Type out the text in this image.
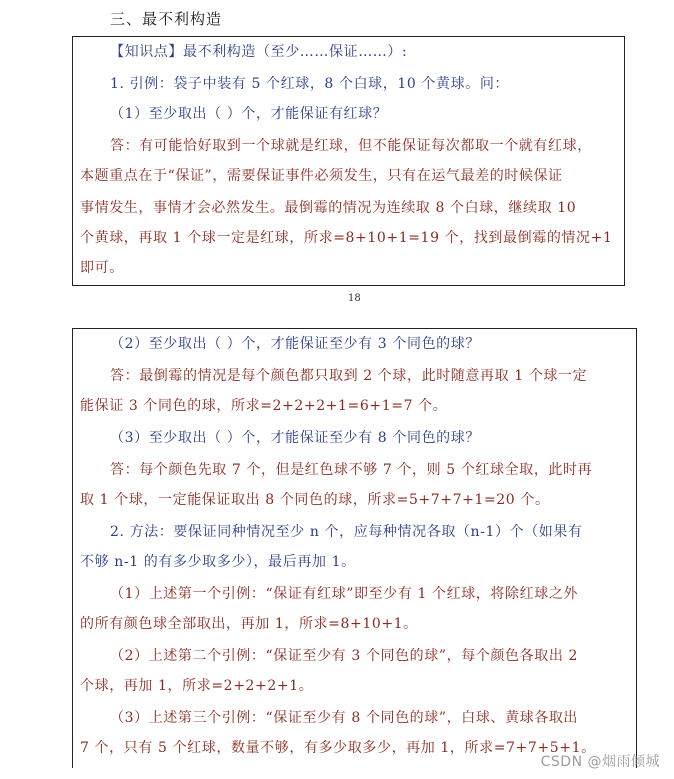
三、最不利构造
【知识点】最不利构造（至少……保证……）:
1. 引例：袋子中装有 5 个红球，8 个白球，10 个黄球。问：
（1）至少取出（ ）个，才能保证有红球？
答：有可能恰好取到一个球就是红球，但不能保证每次都取一个就有红球，
本题重点在于“保证”，需要保证事件必须发生，只有在运气最差的时候保证
事情发生，事情才会必然发生。最倒霉的情况为连续取 8 个白球，继续取 10
个黄球，再取 1 个球一定是红球，所求=8+10+1=19 个，找到最倒霉的情况+1
即可。
18
（2）至少取出（ ）个，才能保证至少有 3 个同色的球？
答：最倒霉的情况是每个颜色都只取到 2 个球，此时随意再取 1 个球一定
能保证 3 个同色的球，所求=2+2+2+1=6+1=7 个。
（3）至少取出（ ）个，才能保证至少有 8 个同色的球？
答：每个颜色先取 7 个，但是红色球不够 7 个，则 5 个红球全取，此时再
取 1 个球，一定能保证取出 8 个同色的球，所求=5+7+7+1=20 个。
2. 方法：要保证同种情况至少 n 个，应每种情况各取（n-1）个（如果有
不够 n-1 的有多少取多少），最后再加 1。
（1）上述第一个引例：“保证有红球”即至少有 1 个红球，将除红球之外
的所有颜色球全部取出，再加 1，所求=8+10+1。
（2）上述第二个引例：“保证至少有 3 个同色的球”，每个颜色各取出 2
个球，再加 1，所求=2+2+2+1。
（3）上述第三个引例：“保证至少有 8 个同色的球”，白球、黄球各取出
7 个，只有 5 个红球，数量不够，有多少取多少，再加 1，所求=7+7+5+1。
CSDN @烟雨倾城
